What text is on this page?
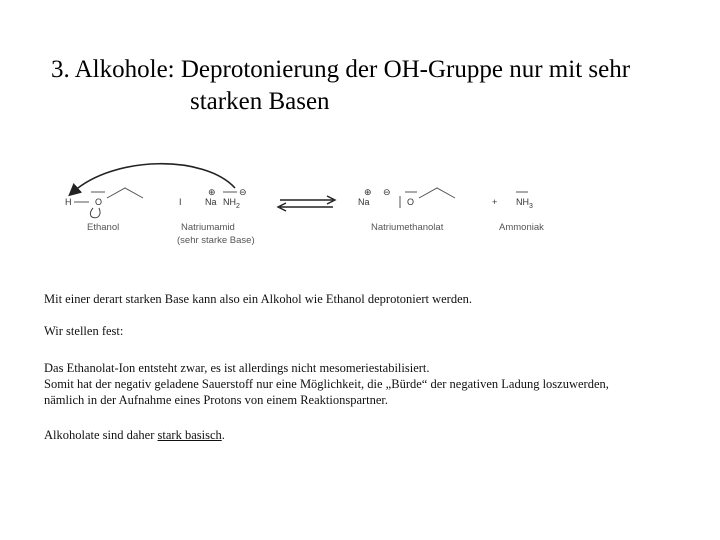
3. Alkohole: Deprotonierung der OH-Gruppe nur mit sehr
starken Basen
H	O
Ethanol
I	Na
⊕
$NH_2$
⊖
Natriumamid
(sehr starke Base)
Na
⊕ ⊖
O
Natriumethanolat
+ $NH_3$
Ammoniak
Mit einer derart starken Base kann also ein Alkohol wie Ethanol deprotoniert werden.
Wir stellen fest:
Das Ethanolat-Ion entsteht zwar, es ist allerdings nicht mesomeriestabilisiert.
Somit hat der negativ geladene Sauerstoff nur eine Möglichkeit, die „Bürde“ der negativen Ladung loszuwerden,
nämlich in der Aufnahme eines Protons von einem Reaktionspartner.
Alkoholate sind daher stark basisch.
